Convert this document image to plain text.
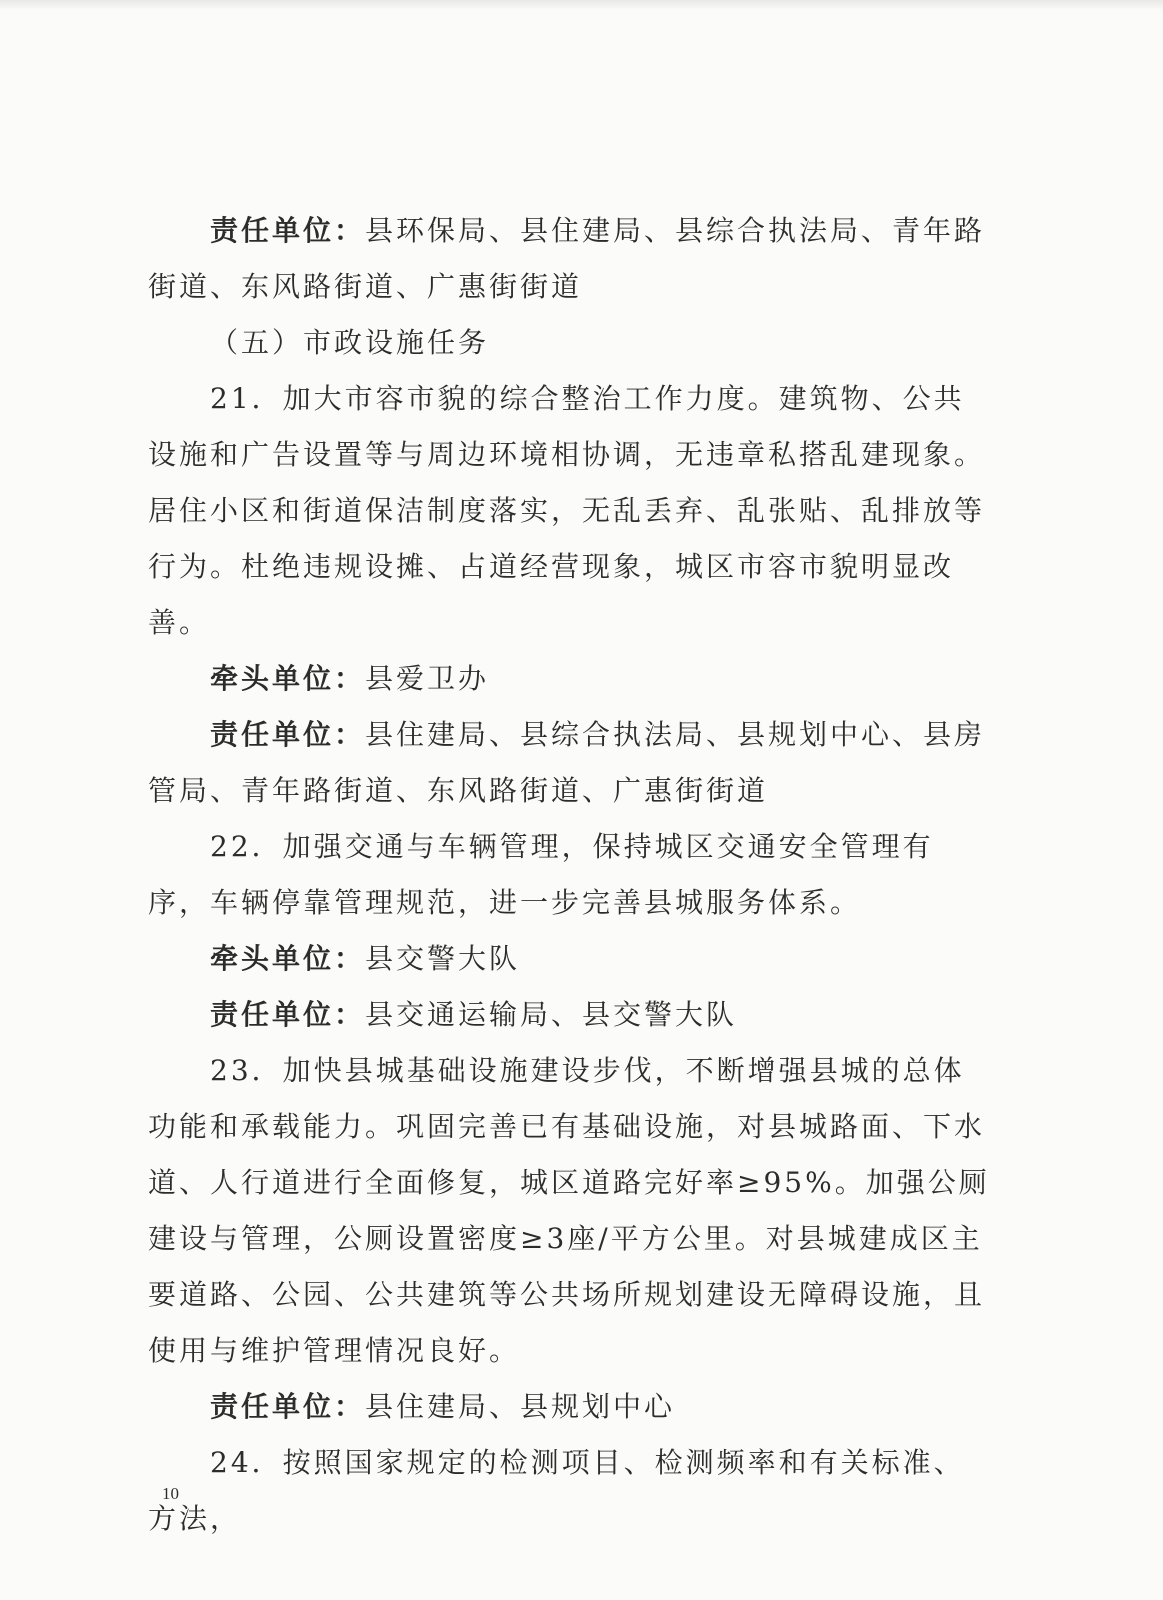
责任单位：县环保局、县住建局、县综合执法局、青年路街道、东风路街道、广惠街街道

（五）市政设施任务

21．加大市容市貌的综合整治工作力度。建筑物、公共设施和广告设置等与周边环境相协调，无违章私搭乱建现象。居住小区和街道保洁制度落实，无乱丢弃、乱张贴、乱排放等行为。杜绝违规设摊、占道经营现象，城区市容市貌明显改善。

牵头单位：县爱卫办

责任单位：县住建局、县综合执法局、县规划中心、县房管局、青年路街道、东风路街道、广惠街街道

22．加强交通与车辆管理，保持城区交通安全管理有序，车辆停靠管理规范，进一步完善县城服务体系。

牵头单位：县交警大队

责任单位：县交通运输局、县交警大队

23．加快县城基础设施建设步伐，不断增强县城的总体功能和承载能力。巩固完善已有基础设施，对县城路面、下水道、人行道进行全面修复，城区道路完好率≥95%。加强公厕建设与管理，公厕设置密度≥3座/平方公里。对县城建成区主要道路、公园、公共建筑等公共场所规划建设无障碍设施，且使用与维护管理情况良好。

责任单位：县住建局、县规划中心

24．按照国家规定的检测项目、检测频率和有关标准、方法，

10
